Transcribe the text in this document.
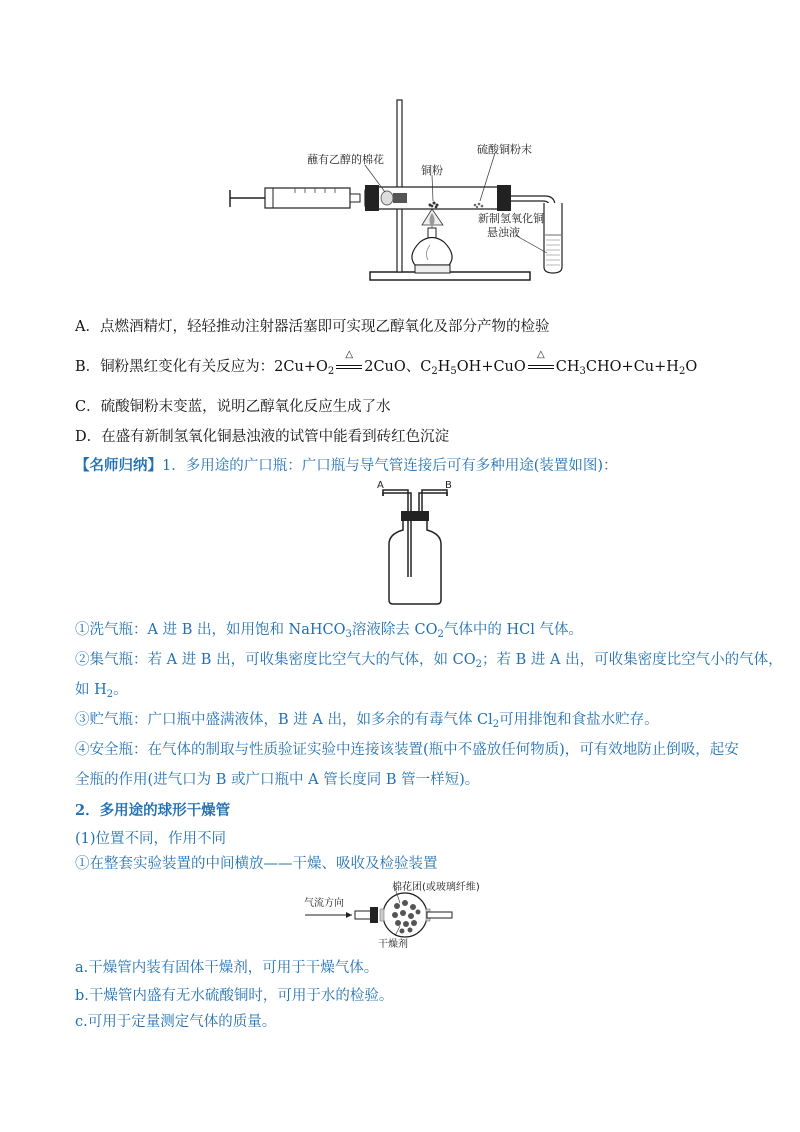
蘸有乙醇的棉花
铜粉
硫酸铜粉末
新制氢氧化铜
悬浊液
A．点燃酒精灯，轻轻推动注射器活塞即可实现乙醇氧化及部分产物的检验
B．铜粉黑红变化有关反应为：$2Cu+O_2$
△
2CuO、$C_2H_5OH+CuO$
△
$CH_3CHO+Cu+H_2O$
C．硫酸铜粉末变蓝，说明乙醇氧化反应生成了水
D．在盛有新制氢氧化铜悬浊液的试管中能看到砖红色沉淀
【名师归纳】1．多用途的广口瓶：广口瓶与导气管连接后可有多种用途(装置如图)：
A	B
①洗气瓶：A 进 B 出，如用饱和 NaHCO$_3$溶液除去 $CO_2$气体中的 HCl 气体。
②集气瓶：若 A 进 B 出，可收集密度比空气大的气体，如 $CO_2$；若 B 进 A 出，可收集密度比空气小的气体，
如 $H_2$。
③贮气瓶：广口瓶中盛满液体，B 进 A 出，如多余的有毒气体 $Cl_2$可用排饱和食盐水贮存。
④安全瓶：在气体的制取与性质验证实验中连接该装置(瓶中不盛放任何物质)，可有效地防止倒吸，起安
全瓶的作用(进气口为 B 或广口瓶中 A 管长度同 B 管一样短)。
2．多用途的球形干燥管
(1)位置不同，作用不同
①在整套实验装置的中间横放——干燥、吸收及检验装置
气流方向
棉花团(或玻璃纤维)
干燥剂
a.干燥管内装有固体干燥剂，可用于干燥气体。
b.干燥管内盛有无水硫酸铜时，可用于水的检验。
c.可用于定量测定气体的质量。
